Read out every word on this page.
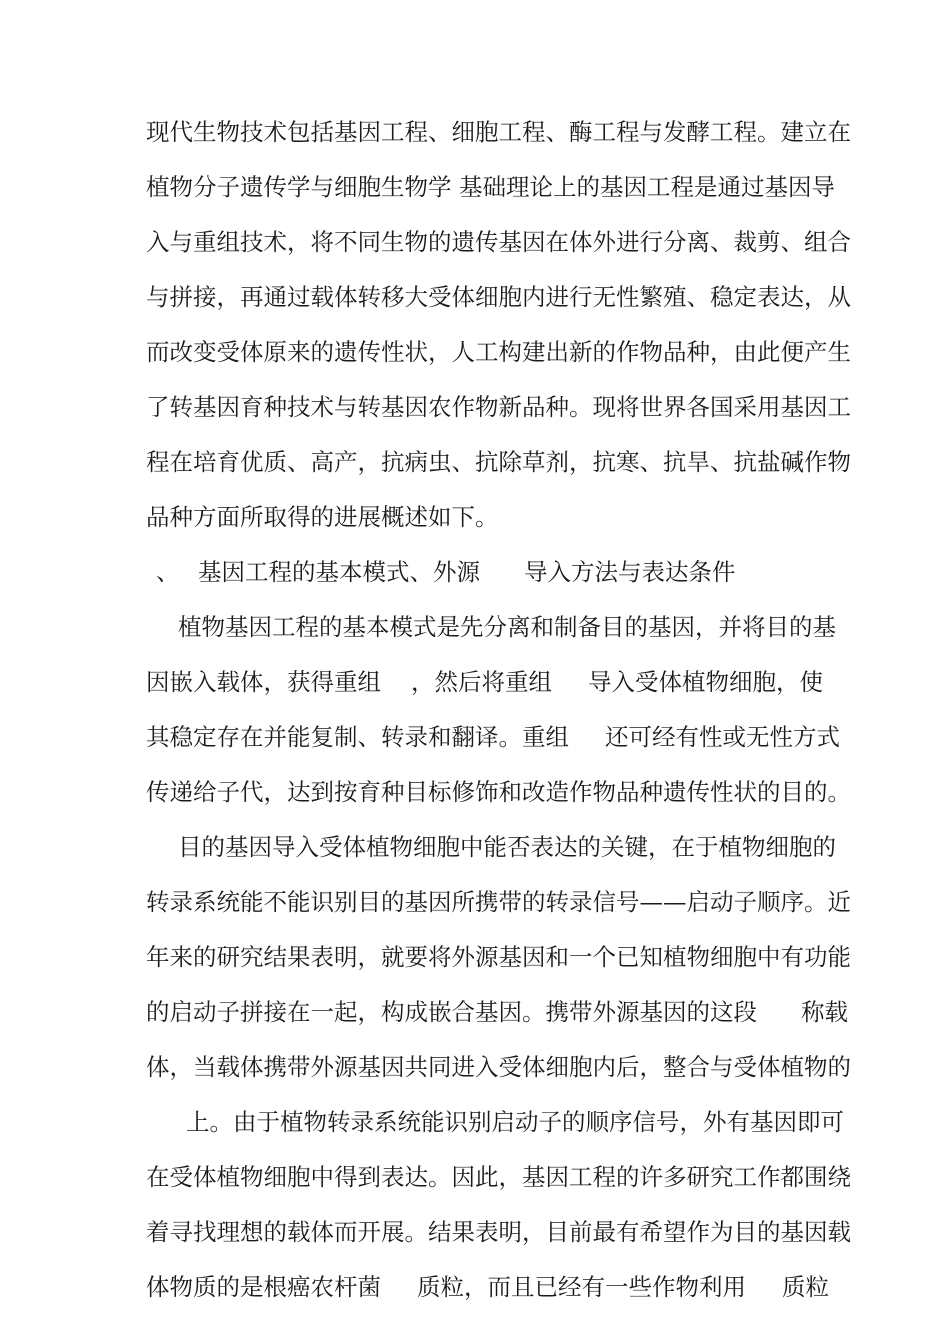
现代生物技术包括基因工程、细胞工程、酶工程与发酵工程。建立在
植物分子遗传学与细胞生物学 基础理论上的基因工程是通过基因导
入与重组技术，将不同生物的遗传基因在体外进行分离、裁剪、组合
与拼接，再通过载体转移大受体细胞内进行无性繁殖、稳定表达，从
而改变受体原来的遗传性状，人工构建出新的作物品种，由此便产生
了转基因育种技术与转基因农作物新品种。现将世界各国采用基因工
程在培育优质、高产，抗病虫、抗除草剂，抗寒、抗旱、抗盐碱作物
品种方面所取得的进展概述如下。
、 基因工程的基本模式、外源 导入方法与表达条件
植物基因工程的基本模式是先分离和制备目的基因，并将目的基
因嵌入载体，获得重组 ，然后将重组 导入受体植物细胞，使
其稳定存在并能复制、转录和翻译。重组 还可经有性或无性方式
传递给子代，达到按育种目标修饰和改造作物品种遗传性状的目的。
目的基因导入受体植物细胞中能否表达的关键，在于植物细胞的
转录系统能不能识别目的基因所携带的转录信号——启动子顺序。近
年来的研究结果表明，就要将外源基因和一个已知植物细胞中有功能
的启动子拼接在一起，构成嵌合基因。携带外源基因的这段 称载
体，当载体携带外源基因共同进入受体细胞内后，整合与受体植物的
上。由于植物转录系统能识别启动子的顺序信号，外有基因即可
在受体植物细胞中得到表达。因此，基因工程的许多研究工作都围绕
着寻找理想的载体而开展。结果表明，目前最有希望作为目的基因载
体物质的是根癌农杆菌 质粒，而且已经有一些作物利用 质粒
